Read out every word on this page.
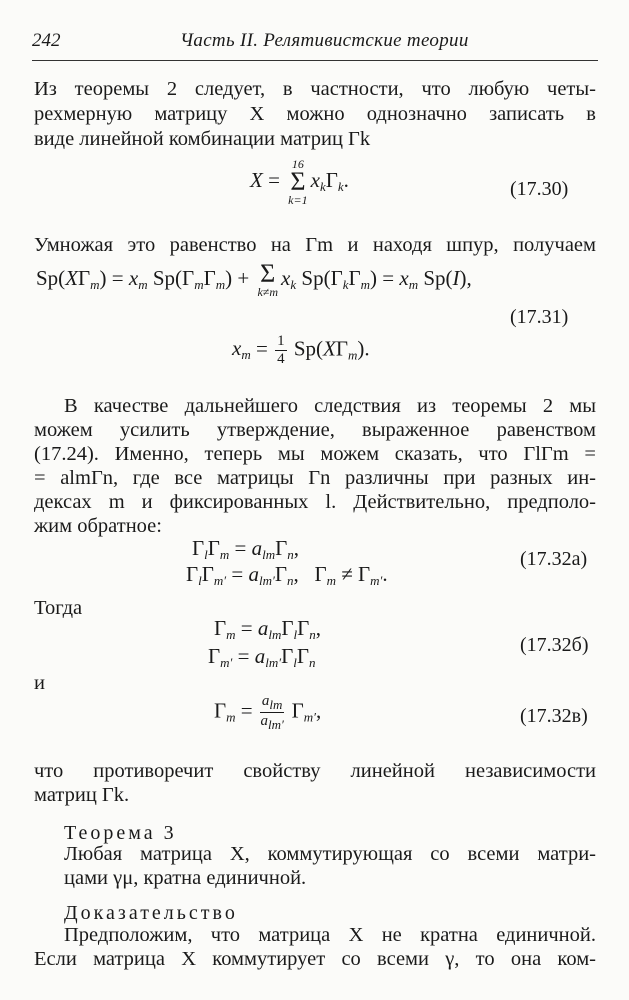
242	Часть II. Релятивистские теории
Из теоремы 2 следует, в частности, что любую четы-
рехмерную матрицу X можно однозначно записать в
виде линейной комбинации матриц Γk
X =
16
Σ
k=1
$x_k\Gamma_k$.	(17.30)
Умножая это равенство на Γm и находя шпур, получаем
$Sp(X\Gamma_m) = x_m$ $Sp(\Gamma_m\Gamma_m) + \Sigma$
k≠m
$x_k$ $Sp(\Gamma_k\Gamma_m) = x_m$ Sp(I),
(17.31)
$x_m = \frac{1}{4} Sp(X\Gamma_m)$.
В качестве дальнейшего следствия из теоремы 2 мы
можем усилить утверждение, выраженное равенством
(17.24). Именно, теперь мы можем сказать, что ΓlΓm =
= almΓn, где все матрицы Γn различны при разных ин-
дексах m и фиксированных l. Действительно, предполо-
жим обратное:
$\Gamma_l\Gamma_m = a_{lm}\Gamma_n$,
$\Gamma_l\Gamma_{m'} = a_{lm'}\Gamma_n$,   $\Gamma_m \ne \Gamma_{m'}$.
(17.32a)
Тогда
$\Gamma_m = a_{lm}\Gamma_l\Gamma_n$,
$\Gamma_{m'} = a_{lm'}\Gamma_l\Gamma_n$
(17.32б)
и
$\Gamma_m = \frac{\text{alm}}{\text{alm′}} \Gamma_{m'}$,	(17.32в)
что противоречит свойству линейной независимости
матриц Γk.
Теорема 3
Любая матрица X, коммутирующая со всеми матри-
цами γμ, кратна единичной.
Доказательство
Предположим, что матрица X не кратна единичной.
Если матрица X коммутирует со всеми γ, то она ком-
